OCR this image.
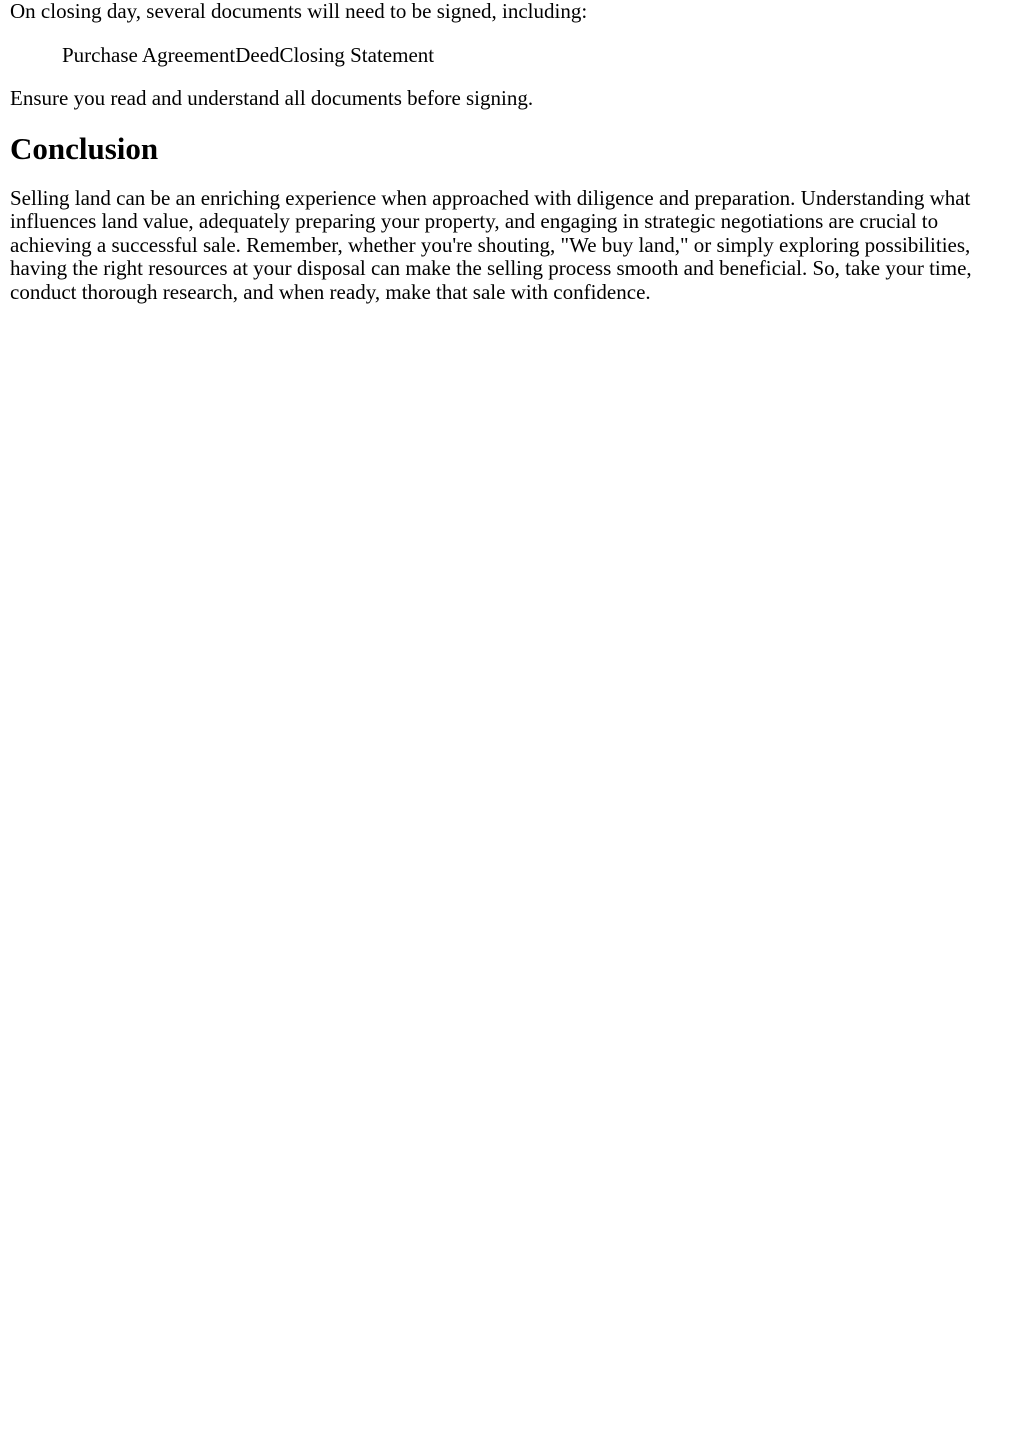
On closing day, several documents will need to be signed, including:

Purchase AgreementDeedClosing Statement

Ensure you read and understand all documents before signing.

Conclusion

Selling land can be an enriching experience when approached with diligence and preparation. Understanding what influences land value, adequately preparing your property, and engaging in strategic negotiations are crucial to achieving a successful sale. Remember, whether you're shouting, "We buy land," or simply exploring possibilities, having the right resources at your disposal can make the selling process smooth and beneficial. So, take your time, conduct thorough research, and when ready, make that sale with confidence.
